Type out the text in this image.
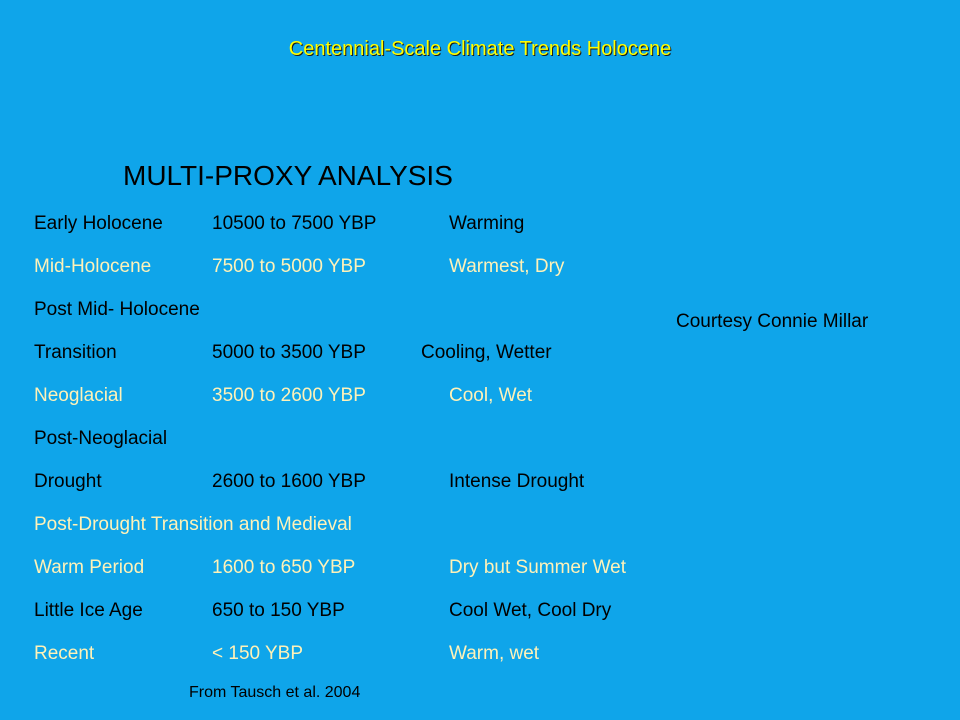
Centennial-Scale Climate Trends Holocene
MULTI-PROXY ANALYSIS
Courtesy Connie Millar
Early Holocene	10500 to 7500 YBP	Warming
Mid-Holocene	7500 to 5000 YBP	Warmest, Dry
Post Mid- Holocene
Transition	5000 to 3500 YBP	Cooling, Wetter
Neoglacial	3500 to 2600 YBP	Cool, Wet
Post-Neoglacial
Drought	2600 to 1600 YBP	Intense Drought
Post-Drought Transition and Medieval
Warm Period	1600 to 650 YBP	Dry but Summer Wet
Little Ice Age	650 to 150 YBP	Cool Wet, Cool Dry
Recent	< 150 YBP	Warm, wet
From Tausch et al. 2004
